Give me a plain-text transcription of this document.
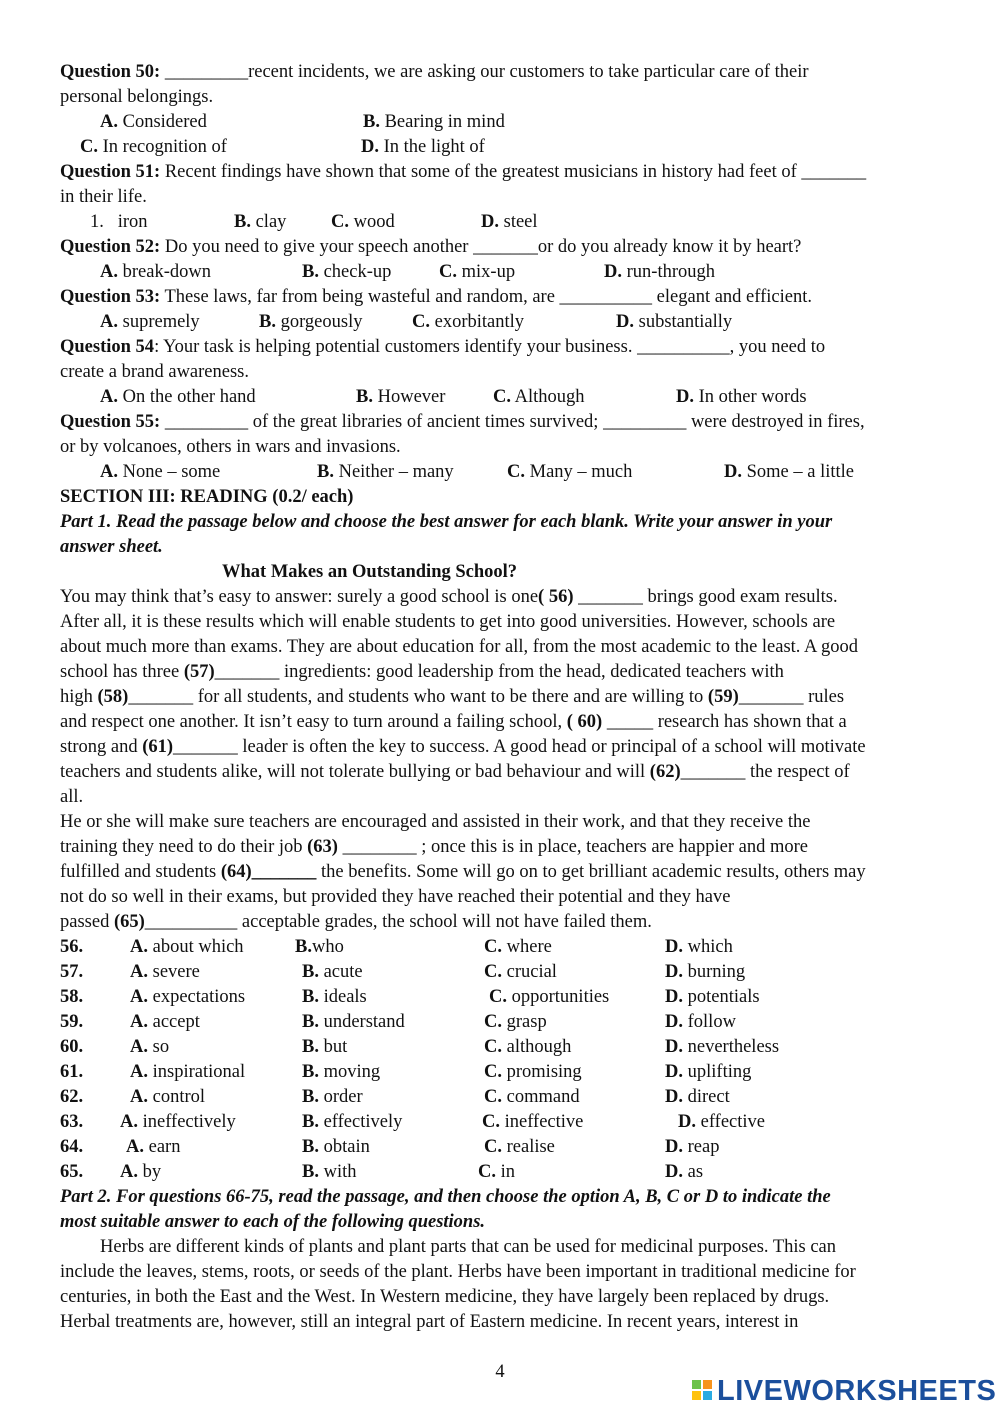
Question 50: _________recent incidents, we are asking our customers to take particular care of their
personal belongings.
A. Considered	B. Bearing in mind
C. In recognition of	D. In the light of
Question 51: Recent findings have shown that some of the greatest musicians in history had feet of _______
in their life.
1. iron	B. clay C. wood	D. steel
Question 52: Do you need to give your speech another _______or do you already know it by heart?
A. break-down	B. check-up	C. mix-up	D. run-through
Question 53: These laws, far from being wasteful and random, are __________ elegant and efficient.
A. supremely	B. gorgeously	C. exorbitantly	D. substantially
Question 54: Your task is helping potential customers identify your business. __________, you need to
create a brand awareness.
A. On the other hand	B. However	C. Although	D. In other words
Question 55: _________ of the great libraries of ancient times survived; _________ were destroyed in fires,
or by volcanoes, others in wars and invasions.
A. None – some	B. Neither – many	C. Many – much	D. Some – a little
SECTION III: READING (0.2/ each)
Part 1. Read the passage below and choose the best answer for each blank. Write your answer in your
answer sheet.
What Makes an Outstanding School?
You may think that’s easy to answer: surely a good school is one( 56) _______ brings good exam results.
After all, it is these results which will enable students to get into good universities. However, schools are
about much more than exams. They are about education for all, from the most academic to the least. A good
school has three (57)_______ ingredients: good leadership from the head, dedicated teachers with
high (58)_______ for all students, and students who want to be there and are willing to (59)_______ rules
and respect one another. It isn’t easy to turn around a failing school, ( 60) _____ research has shown that a
strong and (61)_______ leader is often the key to success. A good head or principal of a school will motivate
teachers and students alike, will not tolerate bullying or bad behaviour and will (62)_______ the respect of
all.
He or she will make sure teachers are encouraged and assisted in their work, and that they receive the
training they need to do their job (63) ________ ; once this is in place, teachers are happier and more
fulfilled and students (64)_______ the benefits. Some will go on to get brilliant academic results, others may
not do so well in their exams, but provided they have reached their potential and they have
passed (65)__________ acceptable grades, the school will not have failed them.
56.	A. about which	B.who	C. where	D. which
57.	A. severe	B. acute	C. crucial	D. burning
58.	A. expectations	B. ideals	C. opportunities	D. potentials
59.	A. accept	B. understand	C. grasp	D. follow
60.	A. so	B. but	C. although	D. nevertheless
61.	A. inspirational	B. moving	C. promising	D. uplifting
62.	A. control	B. order	C. command	D. direct
63. A. ineffectively	B. effectively	C. ineffective	D. effective
64. A. earn	B. obtain	C. realise	D. reap
65. A. by	B. with	C. in	D. as
Part 2. For questions 66-75, read the passage, and then choose the option A, B, C or D to indicate the
most suitable answer to each of the following questions.
Herbs are different kinds of plants and plant parts that can be used for medicinal purposes. This can
include the leaves, stems, roots, or seeds of the plant. Herbs have been important in traditional medicine for
centuries, in both the East and the West. In Western medicine, they have largely been replaced by drugs.
Herbal treatments are, however, still an integral part of Eastern medicine. In recent years, interest in
4
LIVEWORKSHEETS
